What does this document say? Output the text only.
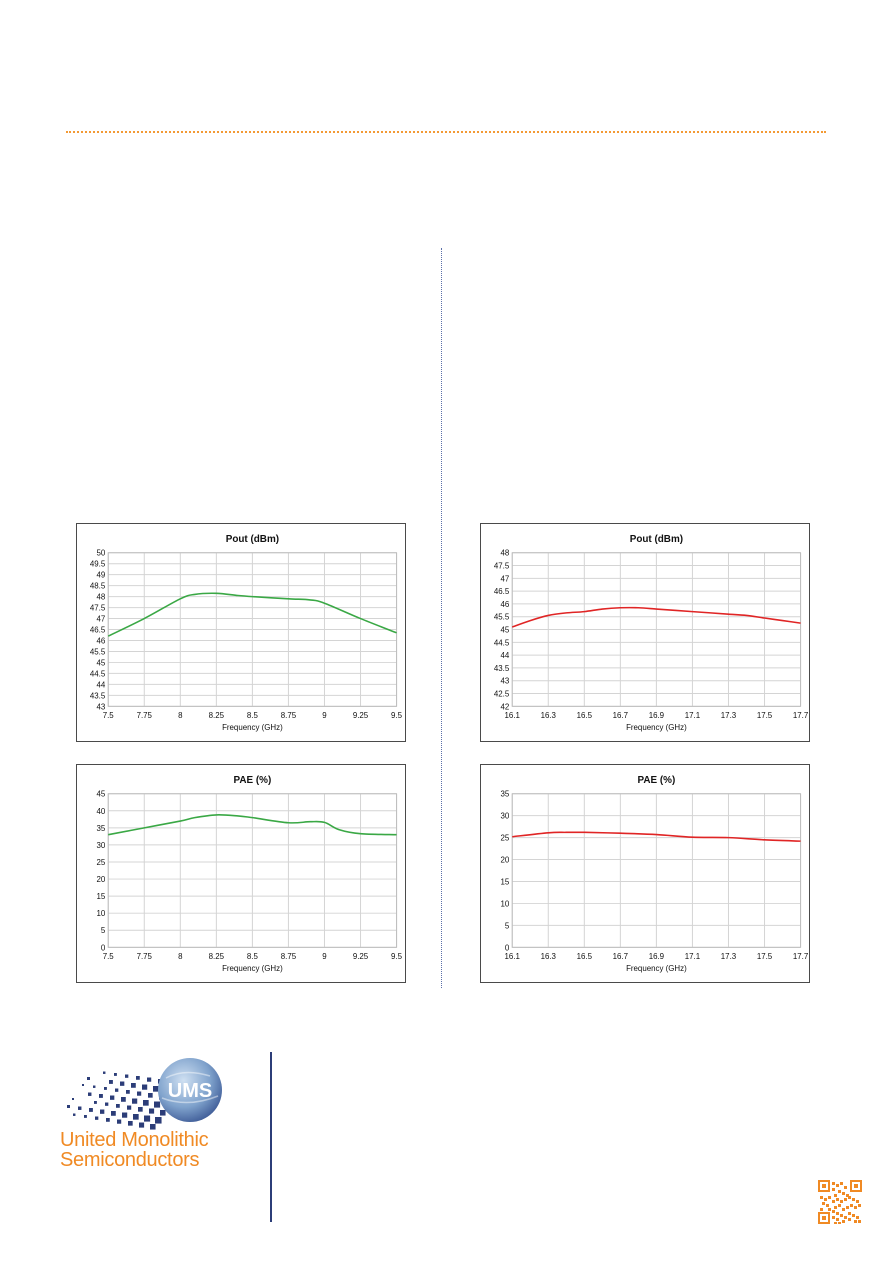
Pout (dBm)
43
43.5
44
44.5
45
45.5
46
46.5
47
47.5
48
48.5
49
49.5
50
7.5	7.75	8	8.25	8.5	8.75	9	9.25	9.5
Frequency (GHz)
Pout (dBm)
42
42.5
43
43.5
44
44.5
45
45.5
46
46.5
47
47.5
48
16.1	16.3	16.5	16.7	16.9	17.1	17.3	17.5	17.7
Frequency (GHz)
PAE (%)
0
5
10
15
20
25
30
35
40
45
7.5	7.75	8	8.25	8.5	8.75	9	9.25	9.5
Frequency (GHz)
PAE (%)
0
5
10
15
20
25
30
35
16.1	16.3	16.5	16.7	16.9	17.1	17.3	17.5	17.7
Frequency (GHz)
UMS
United Monolithic
Semiconductors
